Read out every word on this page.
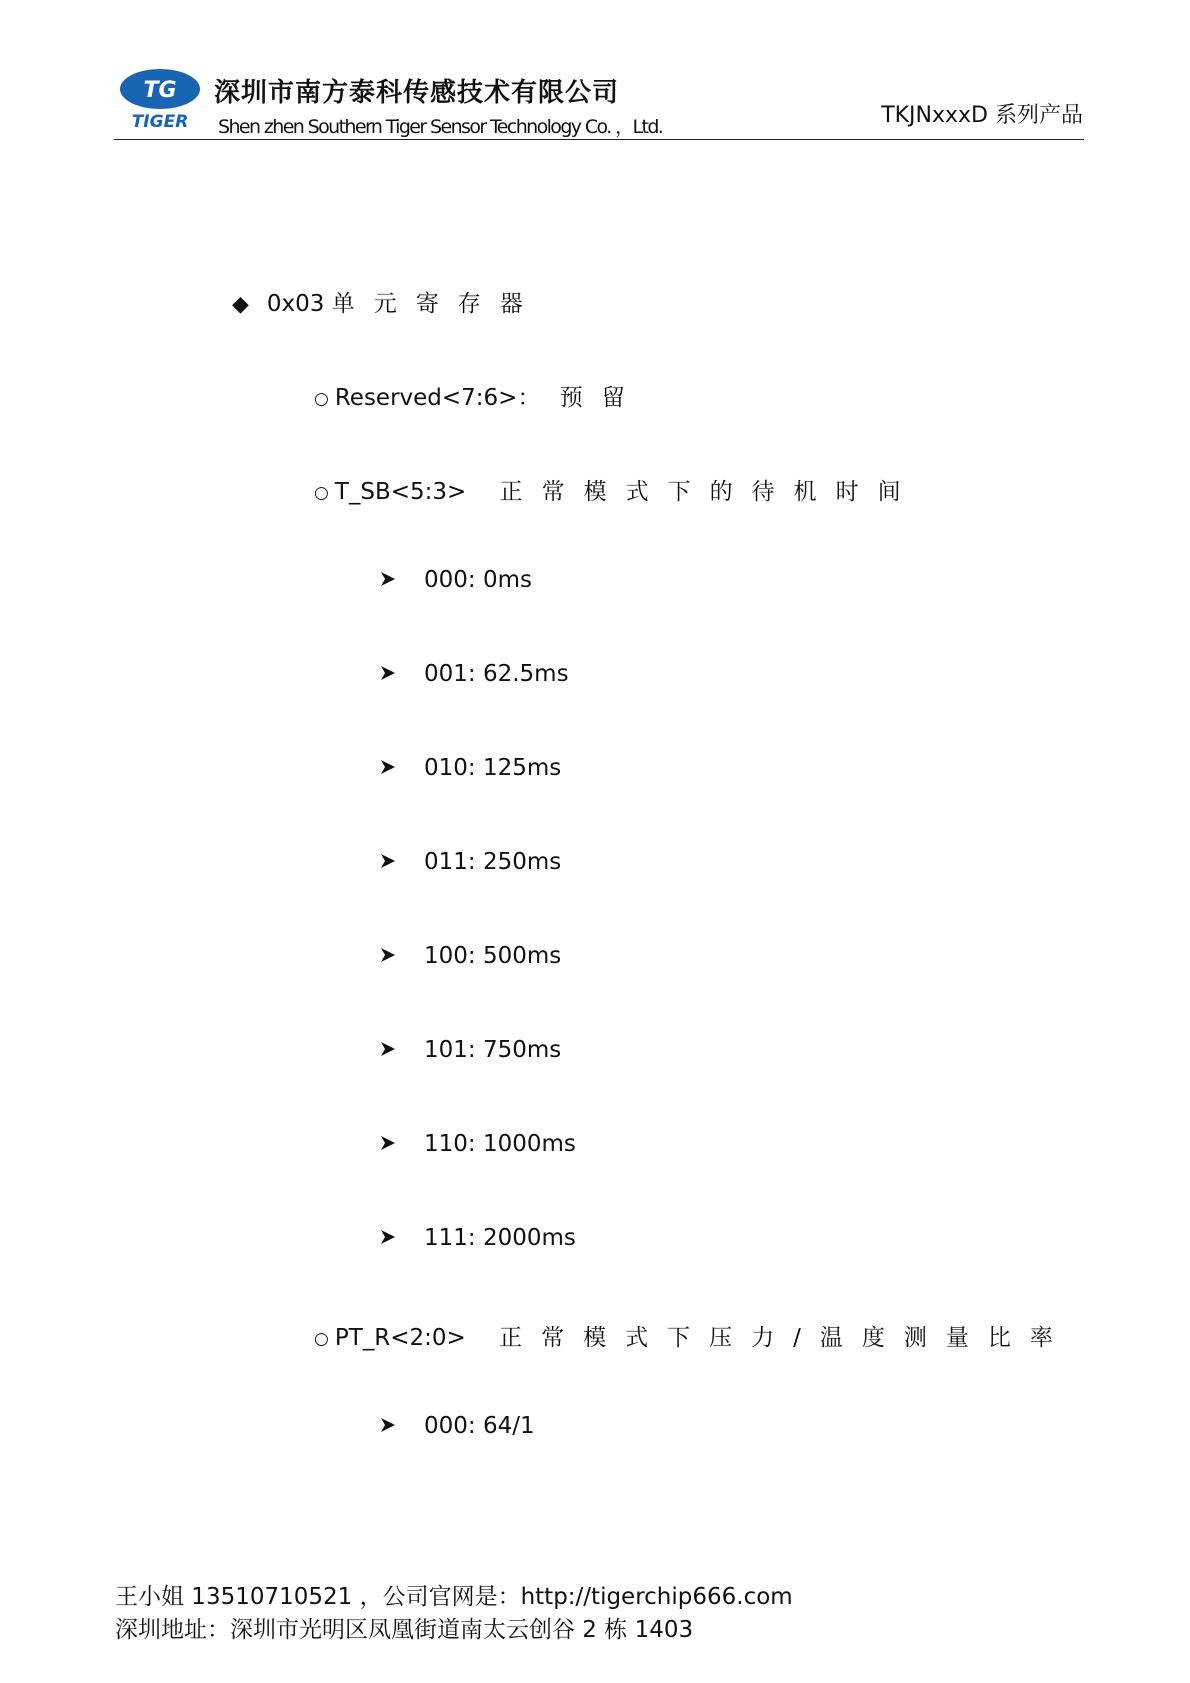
TG
TIGER
深圳市南方泰科传感技术有限公司
Shen zhen Southern Tiger Sensor Technology Co. ，Ltd.	TKJNxxxD 系列产品
◆ 0x03 单元寄存器
○ Reserved<7:6>： 预留
○ T_SB<5:3> 正常模式下的待机时间
000: 0ms
001: 62.5ms
010: 125ms
011: 250ms
100: 500ms
101: 750ms
110: 1000ms
111: 2000ms
○ PT_R<2:0> 正常模式下压力/温度测量比率
000: 64/1
王小姐 13510710521 ，公司官网是：http://tigerchip666.com
深圳地址：深圳市光明区凤凰街道南太云创谷 2 栋 1403
